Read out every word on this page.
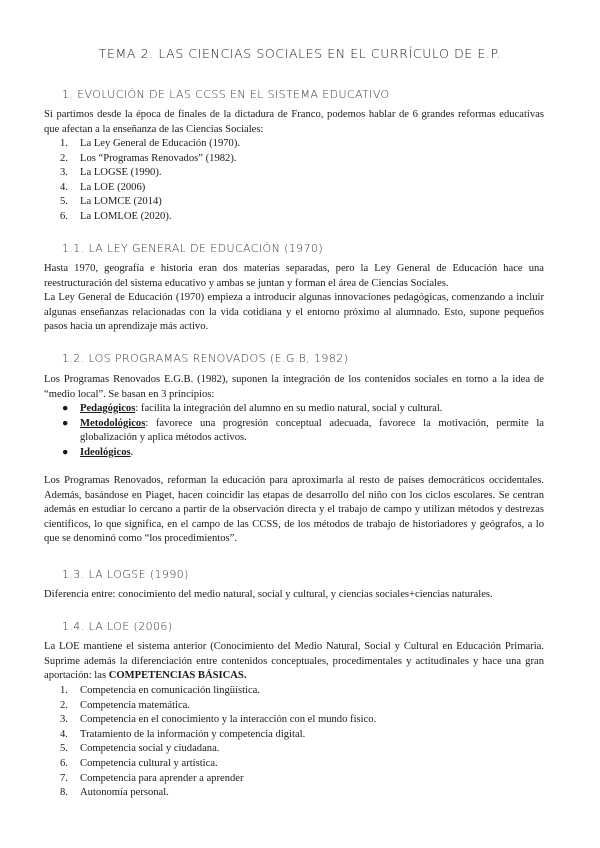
TEMA 2. LAS CIENCIAS SOCIALES EN EL CURRÍCULO DE E.P.
1. EVOLUCIÓN DE LAS CCSS EN EL SISTEMA EDUCATIVO

Si partimos desde la época de finales de la dictadura de Franco, podemos hablar de 6 grandes reformas educativas que afectan a la enseñanza de las Ciencias Sociales:

1. La Ley General de Educación (1970).
2. Los “Programas Renovados” (1982).
3. La LOGSE (1990).
4. La LOE (2006)
5. La LOMCE (2014)
6. La LOMLOE (2020).
1.1. LA LEY GENERAL DE EDUCACIÓN (1970)

Hasta 1970, geografía e historia eran dos materias separadas, pero la Ley General de Educación hace una reestructuración del sistema educativo y ambas se juntan y forman el área de Ciencias Sociales.

La Ley General de Educación (1970) empieza a introducir algunas innovaciones pedagógicas, comenzando a incluir algunas enseñanzas relacionadas con la vida cotidiana y el entorno próximo al alumnado. Esto, supone pequeños pasos hacia un aprendizaje más activo.

1.2. LOS PROGRAMAS RENOVADOS (E.G.B, 1982)

Los Programas Renovados E.G.B. (1982), suponen la integración de los contenidos sociales en torno a la idea de “medio local”. Se basan en 3 principios:

● Pedagógicos: facilita la integración del alumno en su medio natural, social y cultural.
● Metodológicos: favorece una progresión conceptual adecuada, favorece la motivación, permite la globalización y aplica métodos activos.
● Ideológicos.

Los Programas Renovados, reforman la educación para aproximarla al resto de países democráticos occidentales. Además, basándose en Piaget, hacen coincidir las etapas de desarrollo del niño con los ciclos escolares. Se centran además en estudiar lo cercano a partir de la observación directa y el trabajo de campo y utilizan métodos y destrezas científicos, lo que significa, en el campo de las CCSS, de los métodos de trabajo de historiadores y geógrafos, a lo que se denominó como “los procedimientos”.

1.3. LA LOGSE (1990)

Diferencia entre: conocimiento del medio natural, social y cultural, y ciencias sociales+ciencias naturales.

1.4. LA LOE (2006)

La LOE mantiene el sistema anterior (Conocimiento del Medio Natural, Social y Cultural en Educación Primaria. Suprime además la diferenciación entre contenidos conceptuales, procedimentales y actitudinales y hace una gran aportación: las COMPETENCIAS BÁSICAS.

1. Competencia en comunicación lingüística.
2. Competencia matemática.
3. Competencia en el conocimiento y la interacción con el mundo físico.
4. Tratamiento de la información y competencia digital.
5. Competencia social y ciudadana.
6. Competencia cultural y artística.
7. Competencia para aprender a aprender
8. Autonomía personal.
